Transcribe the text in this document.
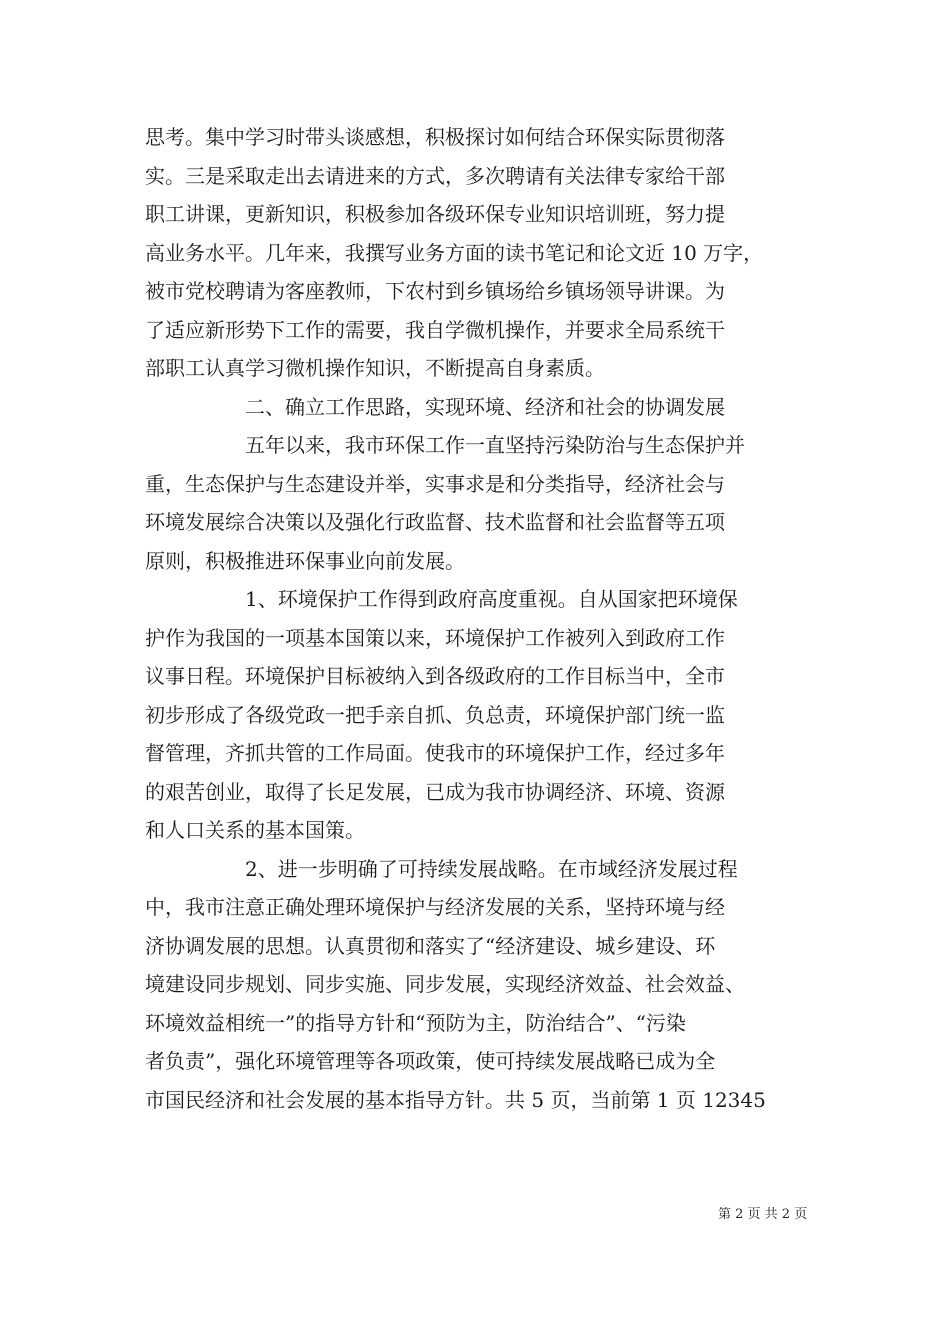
思考。集中学习时带头谈感想，积极探讨如何结合环保实际贯彻落
实。三是采取走出去请进来的方式，多次聘请有关法律专家给干部
职工讲课，更新知识，积极参加各级环保专业知识培训班，努力提
高业务水平。几年来，我撰写业务方面的读书笔记和论文近 10 万字，
被市党校聘请为客座教师，下农村到乡镇场给乡镇场领导讲课。为
了适应新形势下工作的需要，我自学微机操作，并要求全局系统干
部职工认真学习微机操作知识，不断提高自身素质。
二、确立工作思路，实现环境、经济和社会的协调发展
五年以来，我市环保工作一直坚持污染防治与生态保护并
重，生态保护与生态建设并举，实事求是和分类指导，经济社会与
环境发展综合决策以及强化行政监督、技术监督和社会监督等五项
原则，积极推进环保事业向前发展。
1、环境保护工作得到政府高度重视。自从国家把环境保
护作为我国的一项基本国策以来，环境保护工作被列入到政府工作
议事日程。环境保护目标被纳入到各级政府的工作目标当中，全市
初步形成了各级党政一把手亲自抓、负总责，环境保护部门统一监
督管理，齐抓共管的工作局面。使我市的环境保护工作，经过多年
的艰苦创业，取得了长足发展，已成为我市协调经济、环境、资源
和人口关系的基本国策。
2、进一步明确了可持续发展战略。在市域经济发展过程
中，我市注意正确处理环境保护与经济发展的关系，坚持环境与经
济协调发展的思想。认真贯彻和落实了“经济建设、城乡建设、环
境建设同步规划、同步实施、同步发展，实现经济效益、社会效益、
环境效益相统一”的指导方针和“预防为主，防治结合”、“污染
者负责”，强化环境管理等各项政策，使可持续发展战略已成为全
市国民经济和社会发展的基本指导方针。共 5 页，当前第 1 页 12345
第 2 页 共 2 页
